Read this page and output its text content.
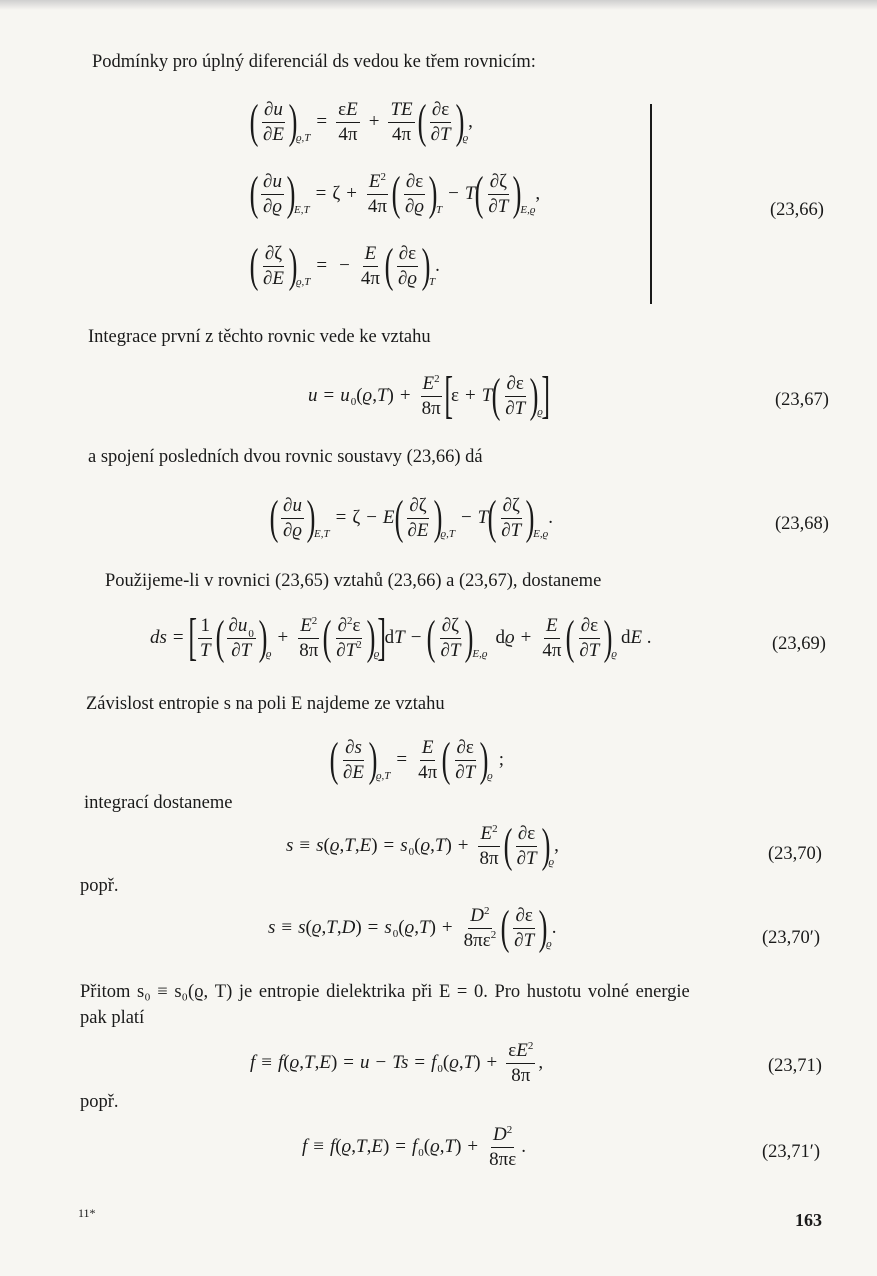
Podmínky pro úplný diferenciál ds vedou ke třem rovnicím:
( $\frac{\partial u}{\partial E}$ )
ϱ,T
= $\frac{\varepsilon E}{4\pi} + \frac{TE}{4\pi}$ ( $\frac{\partial\varepsilon}{\partial T}$ )
ϱ
,
( $\frac{\partial u}{\partial ϱ}$ )
E,T
= $\zeta + \frac{E^2}{4\pi}$ ( $\frac{\partial\varepsilon}{\partial ϱ}$ )
T
− T ( $\frac{\partial\zeta}{\partial T}$ )
E,ϱ
,
( $\frac{\partial\zeta}{\partial E}$ )
ϱ,T
= − $\frac{E}{4\pi}$ ( $\frac{\partial\varepsilon}{\partial ϱ}$ )
T
.
(23,66)
Integrace první z těchto rovnic vede ke vztahu
u = u 0 ( ϱ , T ) + $\frac{E^2}{8\pi}$ [
ε + T ( $\frac{\partial\varepsilon}{\partial T}$ )
ϱ
]	(23,67)
a spojení posledních dvou rovnic soustavy (23,66) dá
( $\frac{\partial u}{\partial ϱ}$ )
E,T
= ζ − E ( $\frac{\partial\zeta}{\partial E}$ )
ϱ,T
− T ( $\frac{\partial\zeta}{\partial T}$ )
E,ϱ
.	(23,68)
Použijeme-li v rovnici (23,65) vztahů (23,66) a (23,67), dostaneme
ds = [ $\frac{1}{T}$ ( $\frac{\partial u_0}{\partial T}$ )
ϱ
+ $\frac{E^2}{8\pi}$ ( $\frac{\partial^2\varepsilon}{\partial T^2}$ )
ϱ
]
d T − ( $\frac{\partial\zeta}{\partial T}$ )
E,ϱ
$dϱ + \frac{E}{4\pi}$ ( $\frac{\partial\varepsilon}{\partial T}$ )
ϱ
dE .	(23,69)
Závislost entropie s na poli E najdeme ze vztahu
( $\frac{\partial s}{\partial E}$ )
ϱ,T
= $\frac{E}{4\pi}$ ( $\frac{\partial\varepsilon}{\partial T}$ )
ϱ
;
integrací dostaneme
s ≡ s ( ϱ , T , E ) = s 0 ( ϱ , T ) + $\frac{E^2}{8\pi}$ ( $\frac{\partial\varepsilon}{\partial T}$ )
ϱ
,	(23,70)
popř.
s ≡ s ( ϱ , T , D ) = s 0 ( ϱ , T ) + $\frac{D^2}{8\pi\varepsilon^2}$ ( $\frac{\partial\varepsilon}{\partial T}$ )
ϱ
.	(23,70′)
Přitom s₀ ≡ s₀(ϱ, T) je entropie dielektrika při E = 0. Pro hustotu volné energie
pak platí
f ≡ f ( ϱ , T , E ) = u − Ts = f 0 ( ϱ , T ) + $\frac{\varepsilon E^2}{8\pi}$ ,	(23,71)
popř.
f ≡ f ( ϱ , T , E ) = f 0 ( ϱ , T ) + $\frac{D^2}{8\pi\varepsilon}$ .	(23,71′)
11*	163
